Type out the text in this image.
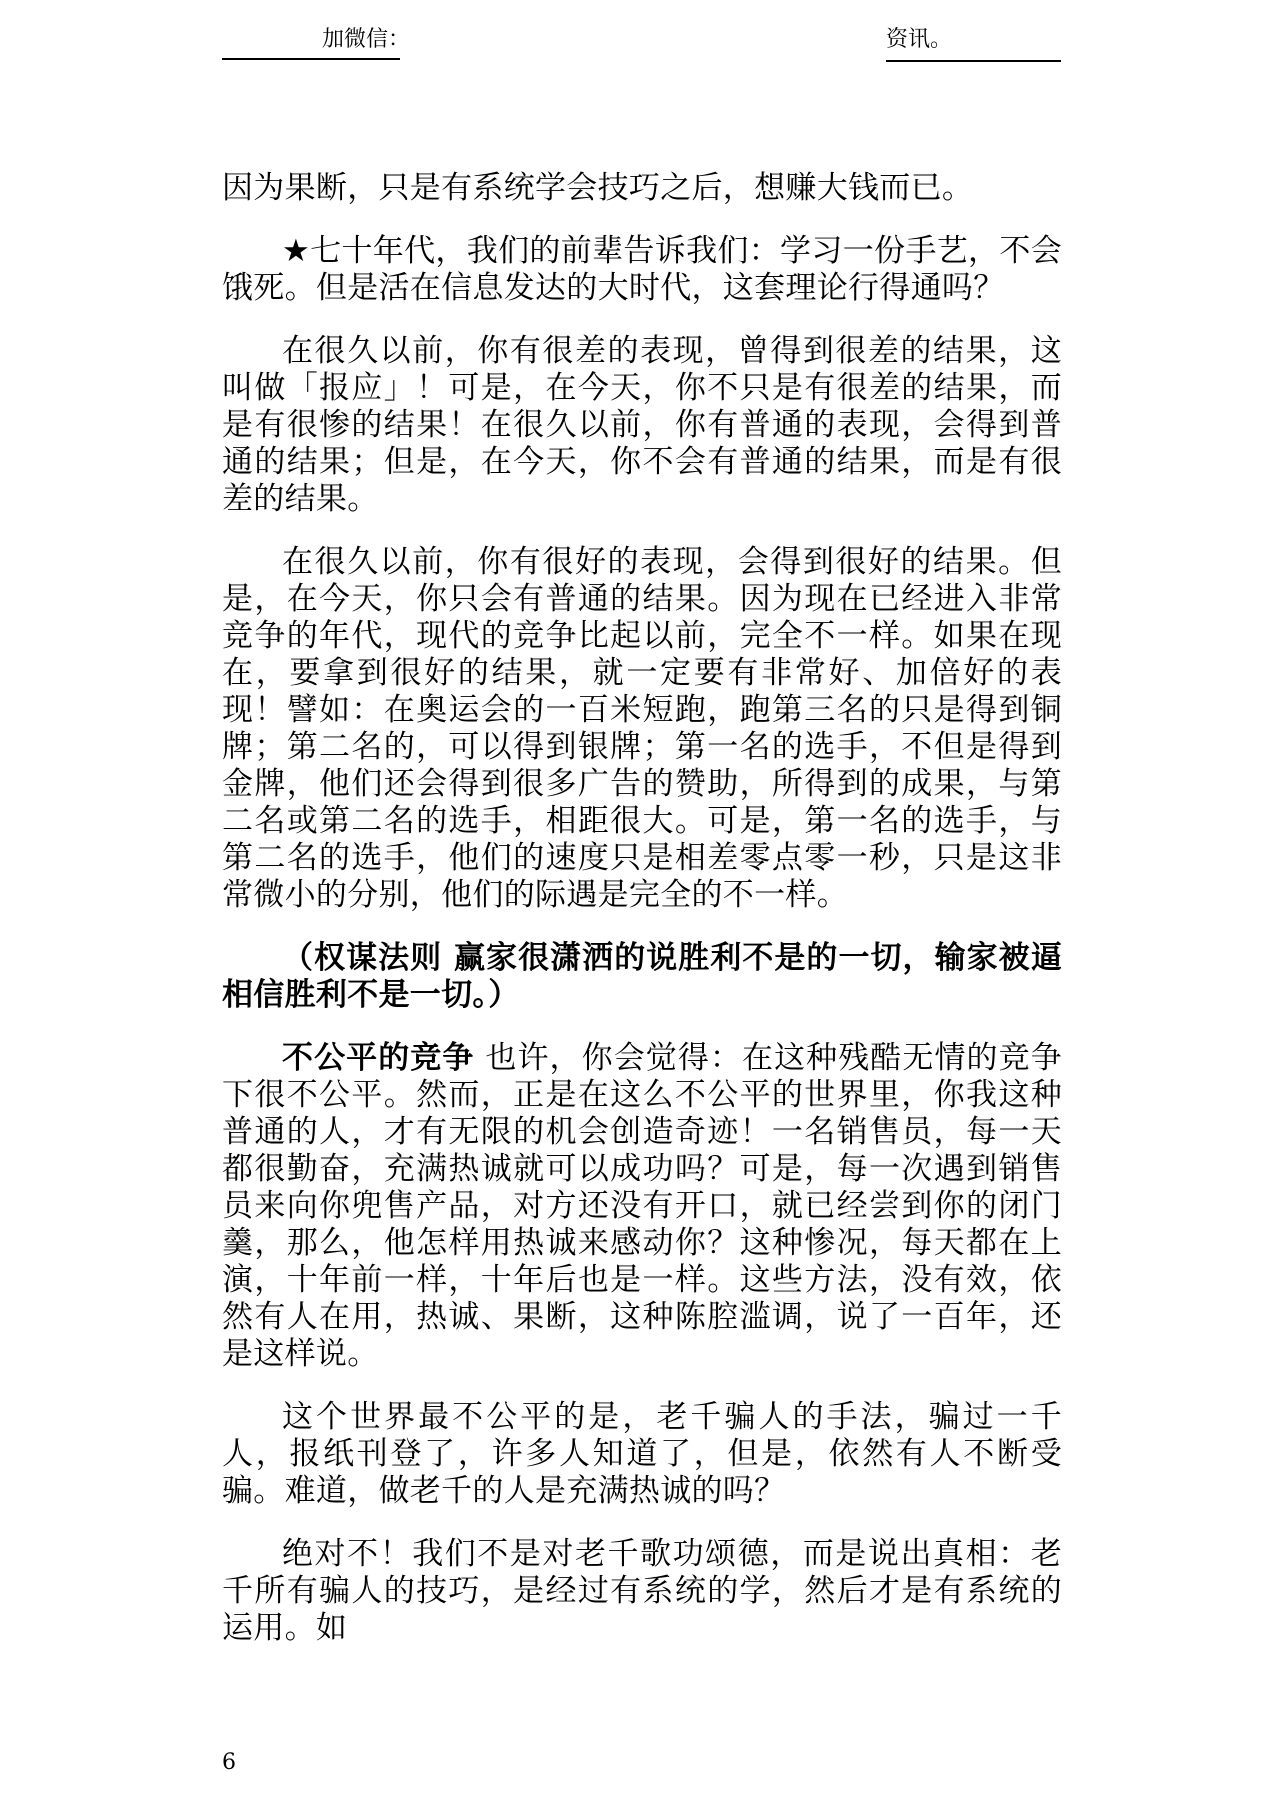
加微信：	资讯。

因为果断，只是有系统学会技巧之后，想赚大钱而已。

★七十年代，我们的前辈告诉我们：学习一份手艺，不会饿死。但是活在信息发达的大时代，这套理论行得通吗？

在很久以前，你有很差的表现，曾得到很差的结果，这叫做「报应」！可是，在今天，你不只是有很差的结果，而是有很惨的结果！在很久以前，你有普通的表现，会得到普通的结果；但是，在今天，你不会有普通的结果，而是有很差的结果。

在很久以前，你有很好的表现，会得到很好的结果。但是，在今天，你只会有普通的结果。因为现在已经进入非常竞争的年代，现代的竞争比起以前，完全不一样。如果在现在，要拿到很好的结果，就一定要有非常好、加倍好的表现！譬如：在奥运会的一百米短跑，跑第三名的只是得到铜牌；第二名的，可以得到银牌；第一名的选手，不但是得到金牌，他们还会得到很多广告的赞助，所得到的成果，与第二名或第二名的选手，相距很大。可是，第一名的选手，与第二名的选手，他们的速度只是相差零点零一秒，只是这非常微小的分别，他们的际遇是完全的不一样。

（权谋法则 赢家很潇洒的说胜利不是的一切，输家被逼相信胜利不是一切。）

不公平的竞争 也许，你会觉得：在这种残酷无情的竞争下很不公平。然而，正是在这么不公平的世界里，你我这种普通的人，才有无限的机会创造奇迹！一名销售员，每一天都很勤奋，充满热诚就可以成功吗？可是，每一次遇到销售员来向你兜售产品，对方还没有开口，就已经尝到你的闭门羹，那么，他怎样用热诚来感动你？这种惨况，每天都在上演，十年前一样，十年后也是一样。这些方法，没有效，依然有人在用，热诚、果断，这种陈腔滥调，说了一百年，还是这样说。

这个世界最不公平的是，老千骗人的手法，骗过一千人，报纸刊登了，许多人知道了，但是，依然有人不断受骗。难道，做老千的人是充满热诚的吗？

绝对不！我们不是对老千歌功颂德，而是说出真相：老千所有骗人的技巧，是经过有系统的学，然后才是有系统的运用。如

6
